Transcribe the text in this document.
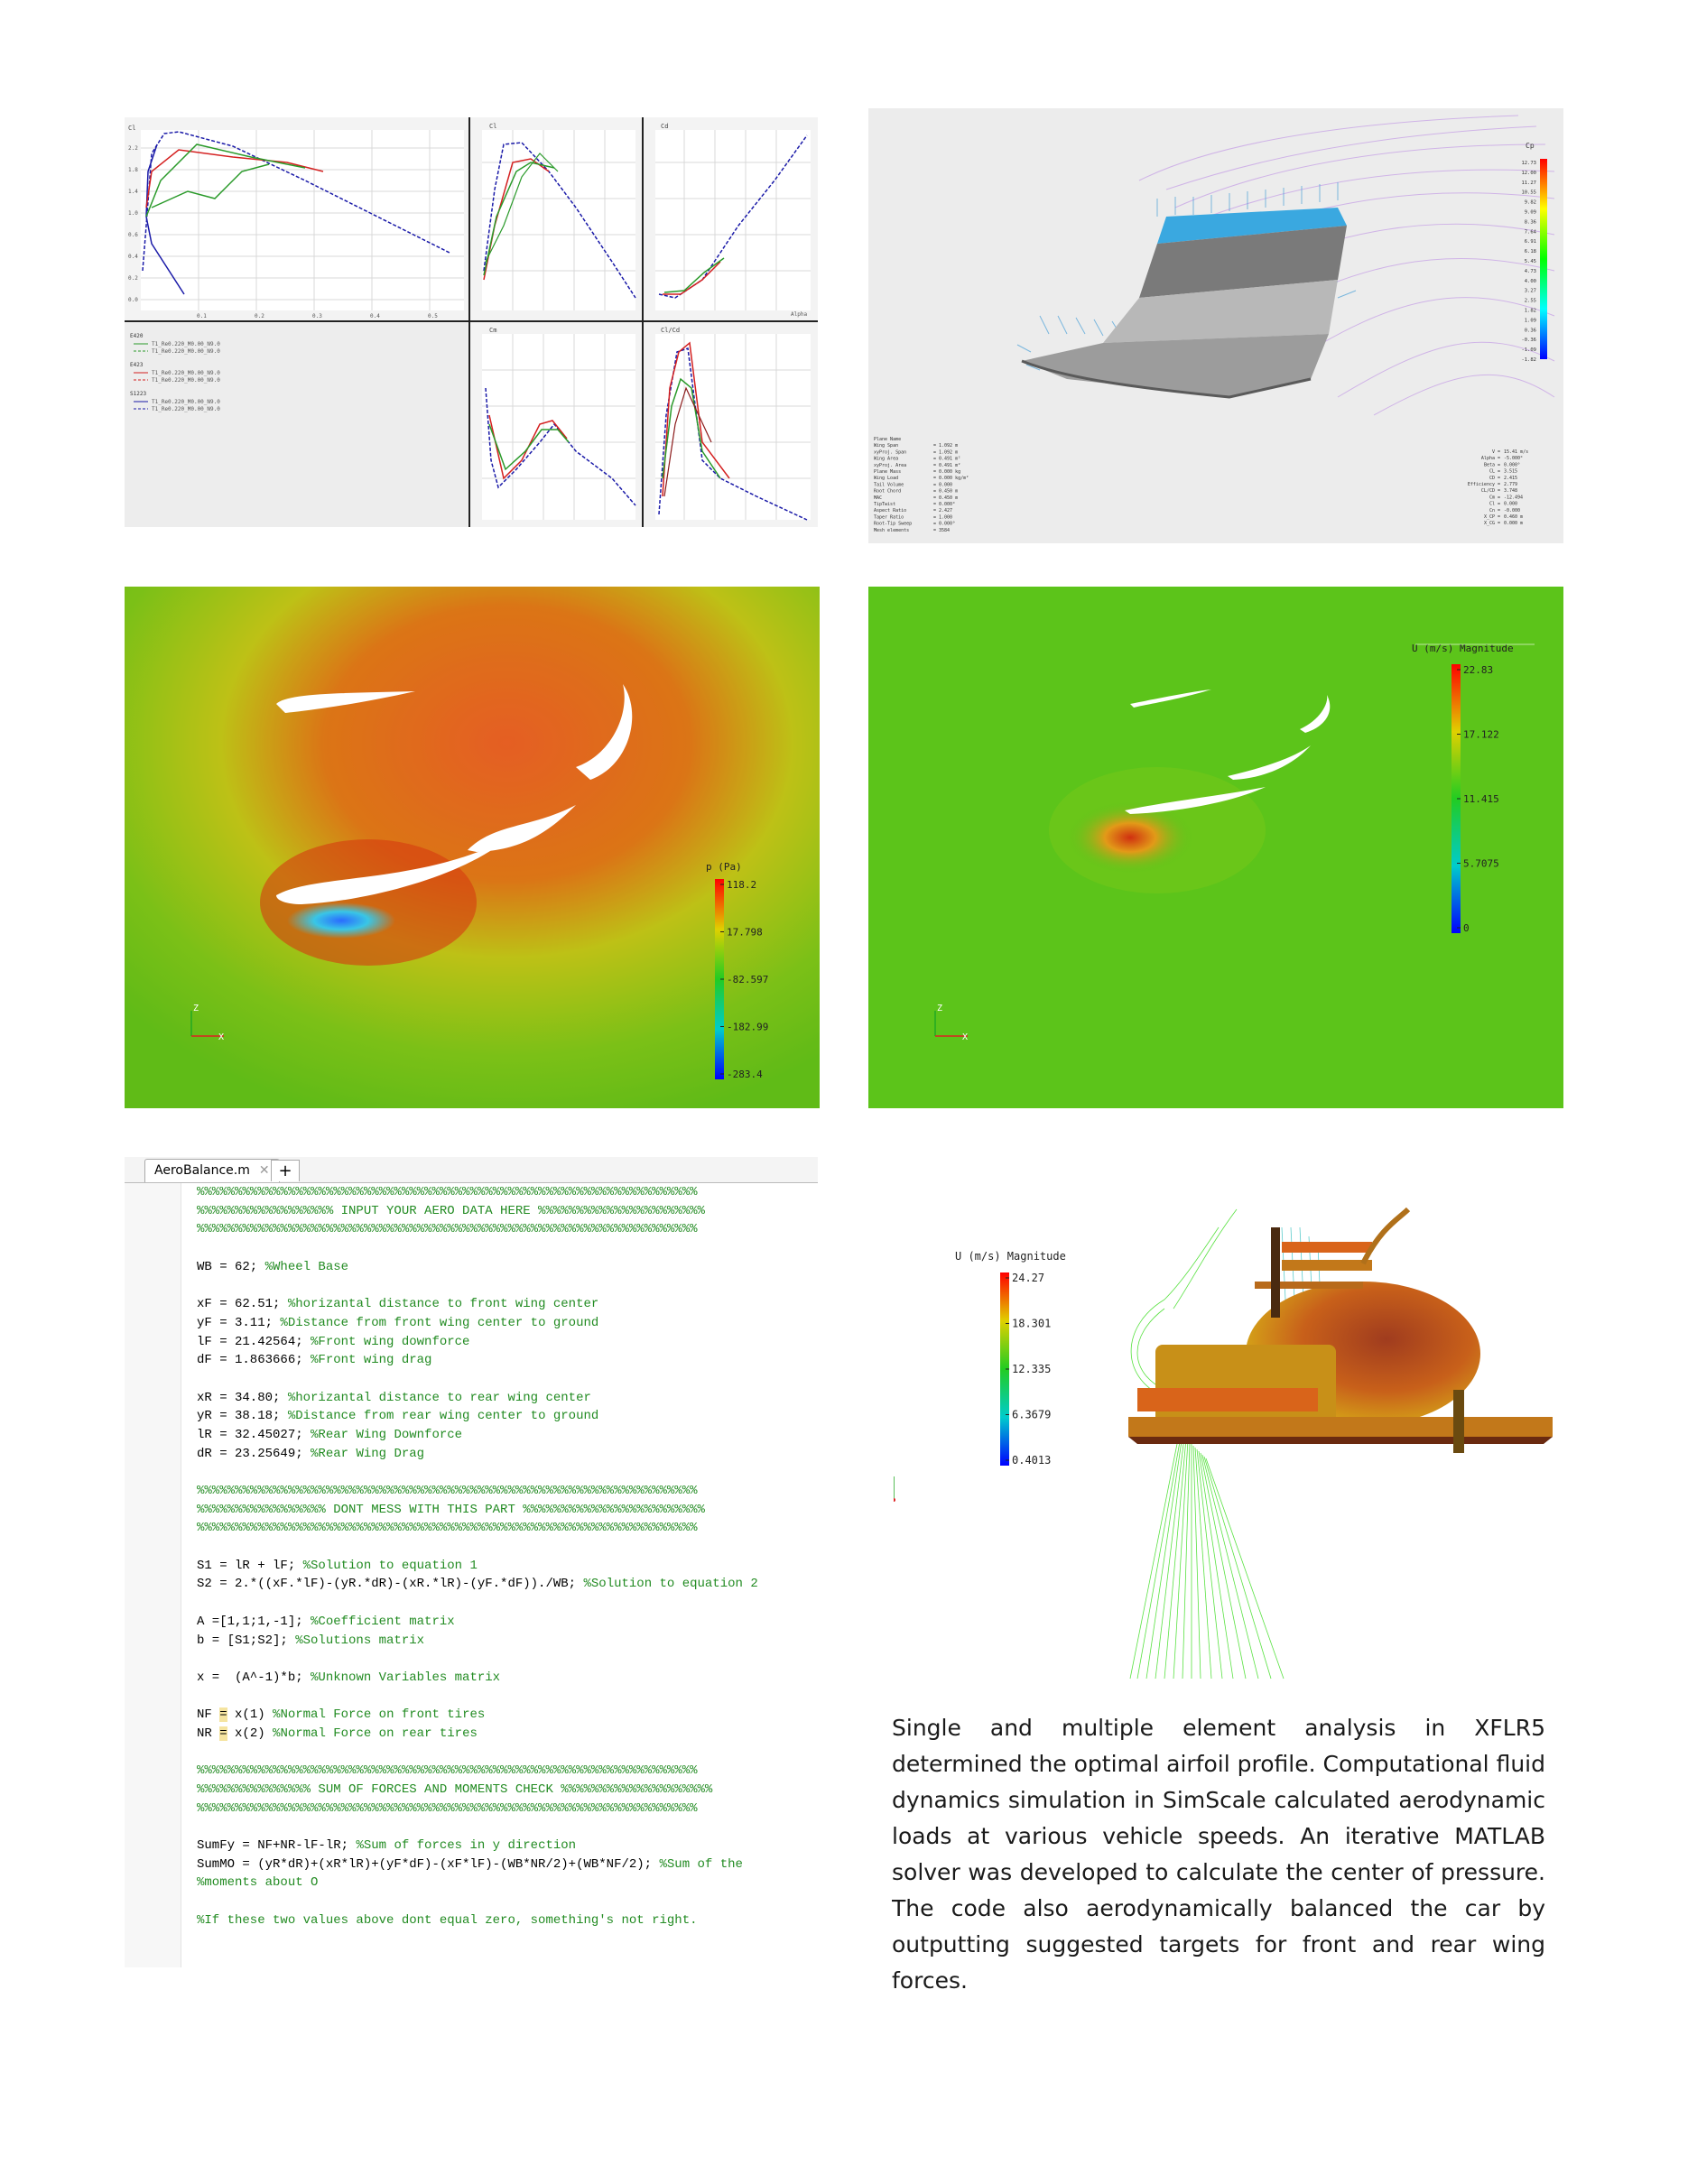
Cl
2.2
1.8
1.4
1.0
0.6
0.4
0.2
0.0
0.1	0.2	0.3	0.4	0.5
E420
T1_Re0.220_M0.00_N9.0
T1_Re0.220_M0.00_N9.0
E423
T1_Re0.220_M0.00_N9.0
T1_Re0.220_M0.00_N9.0
S1223
T1_Re0.220_M0.00_N9.0
T1_Re0.220_M0.00_N9.0
Cl	Cd
Alpha
Cm	Cl/Cd
Cp
12.73
12.00
11.27
10.55
9.82
9.09
8.36
7.64
6.91
6.18
5.45
4.73
4.00
3.27
2.55
1.82
1.09
0.36
-0.36
-1.09
-1.82
Plane Name
Wing Span	= 1.092 m
xyProj. Span	= 1.092 m
Wing Area	= 0.491 m²
xyProj. Area	= 0.491 m²
Plane Mass	= 0.000 kg
Wing Load	= 0.000 kg/m²
Tail Volume	= 0.000
Root Chord	= 0.450 m
MAC	= 0.450 m
TipTwist	= 0.000°
Aspect Ratio	= 2.427
Taper Ratio	= 1.000
Root-Tip Sweep	= 0.000°
Mesh elements	= 3584
V = 15.41 m/s
Alpha = -5.000°
Beta = 0.000°
CL = 3.515
CD = 2.415
Efficiency = 2.779
CL/CD = 3.748
Cm = -12.494
Cl = 0.000
Cn = -0.000
X_CP = 0.460 m
X_CG = 0.000 m
p (Pa)
118.2
17.798
-82.597
-182.99
-283.4
Z
X
U (m/s) Magnitude
22.83
17.122
11.415
5.7075
0
Z
X
AeroBalance.m ✕ +
%%%%%%%%%%%%%%%%%%%%%%%%%%%%%%%%%%%%%%%%%%%%%%%%%%%%%%%%%%%%%%%%%%
%%%%%%%%%%%%%%%%%% INPUT YOUR AERO DATA HERE %%%%%%%%%%%%%%%%%%%%%%
%%%%%%%%%%%%%%%%%%%%%%%%%%%%%%%%%%%%%%%%%%%%%%%%%%%%%%%%%%%%%%%%%%
WB = 62; %Wheel Base
xF = 62.51; %horizantal distance to front wing center
yF = 3.11; %Distance from front wing center to ground
lF = 21.42564; %Front wing downforce
dF = 1.863666; %Front wing drag
xR = 34.80; %horizantal distance to rear wing center
yR = 38.18; %Distance from rear wing center to ground
lR = 32.45027; %Rear Wing Downforce
dR = 23.25649; %Rear Wing Drag
%%%%%%%%%%%%%%%%%%%%%%%%%%%%%%%%%%%%%%%%%%%%%%%%%%%%%%%%%%%%%%%%%%
%%%%%%%%%%%%%%%%% DONT MESS WITH THIS PART %%%%%%%%%%%%%%%%%%%%%%%%
%%%%%%%%%%%%%%%%%%%%%%%%%%%%%%%%%%%%%%%%%%%%%%%%%%%%%%%%%%%%%%%%%%
S1 = lR + lF; %Solution to equation 1
S2 = 2.*((xF.*lF)-(yR.*dR)-(xR.*lR)-(yF.*dF))./WB; %Solution to equation 2
A =[1,1;1,-1]; %Coefficient matrix
b = [S1;S2]; %Solutions matrix
x =  (A^-1)*b; %Unknown Variables matrix
NF = x(1) %Normal Force on front tires
NR = x(2) %Normal Force on rear tires
%%%%%%%%%%%%%%%%%%%%%%%%%%%%%%%%%%%%%%%%%%%%%%%%%%%%%%%%%%%%%%%%%%
%%%%%%%%%%%%%%% SUM OF FORCES AND MOMENTS CHECK %%%%%%%%%%%%%%%%%%%%
%%%%%%%%%%%%%%%%%%%%%%%%%%%%%%%%%%%%%%%%%%%%%%%%%%%%%%%%%%%%%%%%%%
SumFy = NF+NR-lF-lR; %Sum of forces in y direction
SumMO = (yR*dR)+(xR*lR)+(yF*dF)-(xF*lF)-(WB*NR/2)+(WB*NF/2); %Sum of the
%moments about O
%If these two values above dont equal zero, something's not right.
U (m/s) Magnitude
24.27
18.301
12.335
6.3679
0.4013
Single and multiple element analysis in XFLR5 determined the optimal airfoil profile. Computational fluid dynamics simulation in SimScale calculated aerodynamic loads at various vehicle speeds. An iterative MATLAB solver was developed to calculate the center of pressure. The code also aerodynamically balanced the car by outputting suggested targets for front and rear wing forces.
